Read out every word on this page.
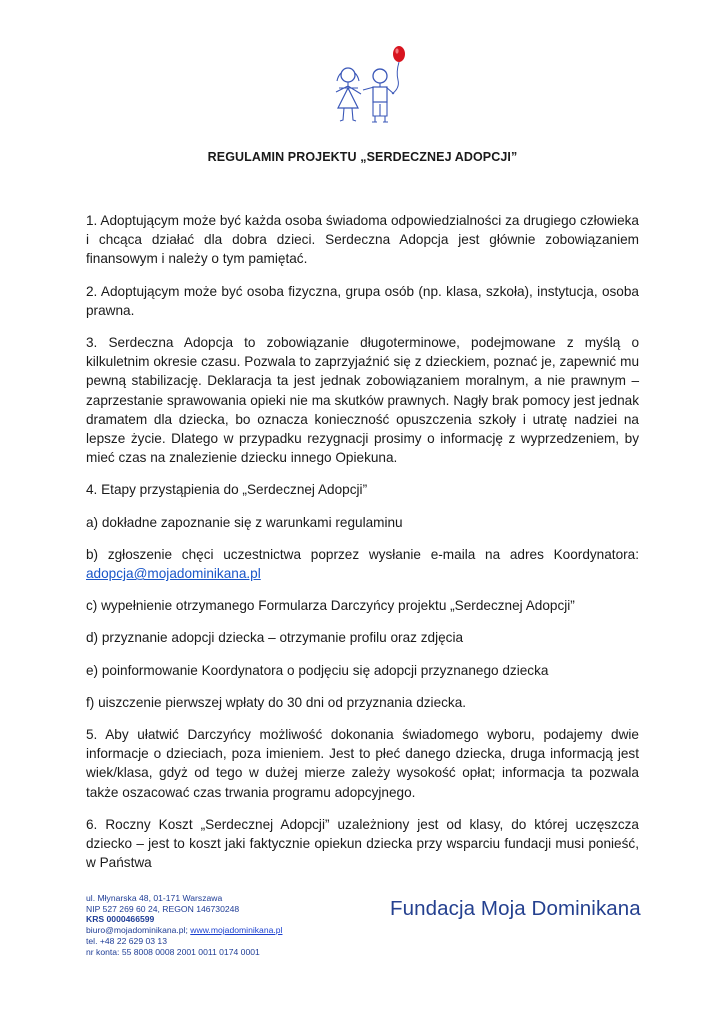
REGULAMIN PROJEKTU „SERDECZNEJ ADOPCJI”

1. Adoptującym może być każda osoba świadoma odpowiedzialności za drugiego człowieka i chcąca działać dla dobra dzieci. Serdeczna Adopcja jest głównie zobowiązaniem finansowym i należy o tym pamiętać.

2. Adoptującym może być osoba fizyczna, grupa osób (np. klasa, szkoła), instytucja, osoba prawna.

3. Serdeczna Adopcja to zobowiązanie długoterminowe, podejmowane z myślą o kilkuletnim okresie czasu. Pozwala to zaprzyjaźnić się z dzieckiem, poznać je, zapewnić mu pewną stabilizację. Deklaracja ta jest jednak zobowiązaniem moralnym, a nie prawnym – zaprzestanie sprawowania opieki nie ma skutków prawnych. Nagły brak pomocy jest jednak dramatem dla dziecka, bo oznacza konieczność opuszczenia szkoły i utratę nadziei na lepsze życie. Dlatego w przypadku rezygnacji prosimy o informację z wyprzedzeniem, by mieć czas na znalezienie dziecku innego Opiekuna.

4. Etapy przystąpienia do „Serdecznej Adopcji”

a) dokładne zapoznanie się z warunkami regulaminu

b) zgłoszenie chęci uczestnictwa poprzez wysłanie e-maila na adres Koordynatora: adopcja@mojadominikana.pl

c) wypełnienie otrzymanego Formularza Darczyńcy projektu „Serdecznej Adopcji”

d) przyznanie adopcji dziecka – otrzymanie profilu oraz zdjęcia

e) poinformowanie Koordynatora o podjęciu się adopcji przyznanego dziecka

f) uiszczenie pierwszej wpłaty do 30 dni od przyznania dziecka.

5. Aby ułatwić Darczyńcy możliwość dokonania świadomego wyboru, podajemy dwie informacje o dzieciach, poza imieniem. Jest to płeć danego dziecka, druga informacją jest wiek/klasa, gdyż od tego w dużej mierze zależy wysokość opłat; informacja ta pozwala także oszacować czas trwania programu adopcyjnego.

6. Roczny Koszt „Serdecznej Adopcji” uzależniony jest od klasy, do której uczęszcza dziecko – jest to koszt jaki faktycznie opiekun dziecka przy wsparciu fundacji musi ponieść, w Państwa

ul. Młynarska 48, 01-171 Warszawa
NIP 527 269 60 24, REGON 146730248
KRS 0000466599
biuro@mojadominikana.pl; www.mojadominikana.pl
tel. +48 22 629 03 13
nr konta: 55 8008 0008 2001 0011 0174 0001
Fundacja Moja Dominikana
